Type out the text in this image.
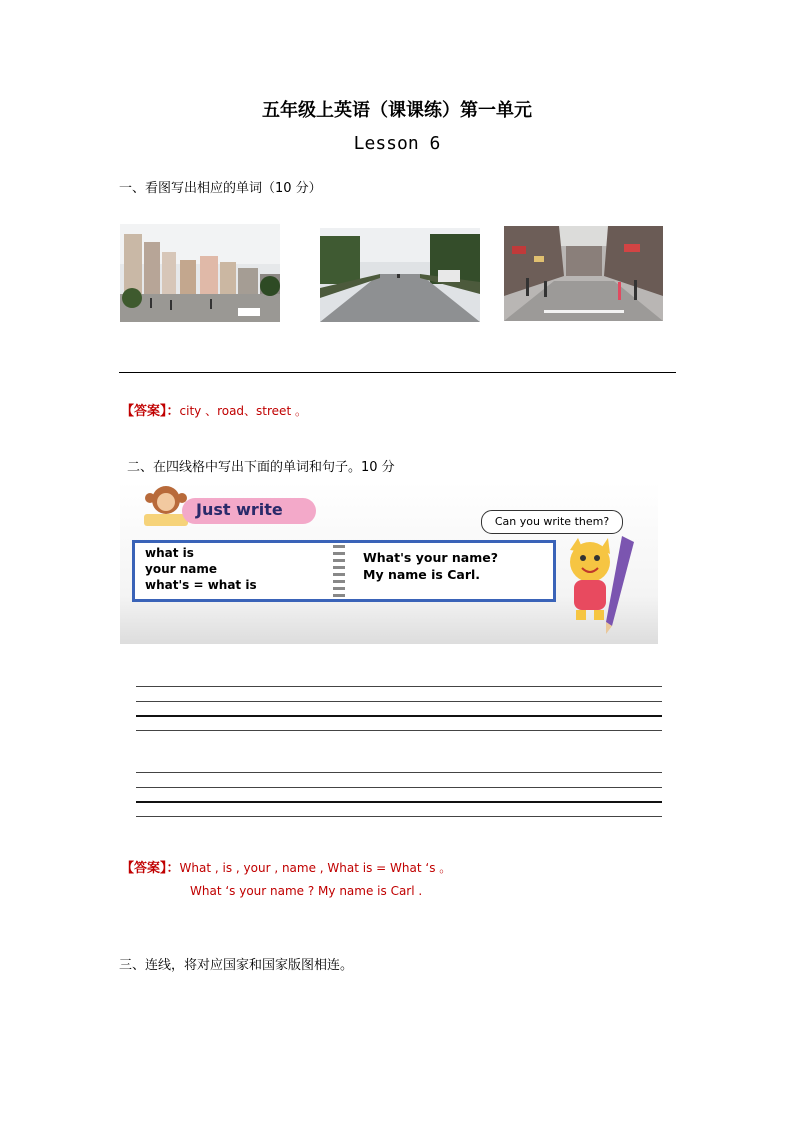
五年级上英语（课课练）第一单元
Lesson 6
一、看图写出相应的单词（10 分）
【答案】：city 、road、street 。
二、在四线格中写出下面的单词和句子。10 分
Just write
Can you write them?
what is
your name
what's = what is
What's your name?
My name is Carl.
【答案】：What , is , your , name , What is = What ‘s 。
What ‘s your name ? My name is Carl .
三、连线，将对应国家和国家版图相连。
